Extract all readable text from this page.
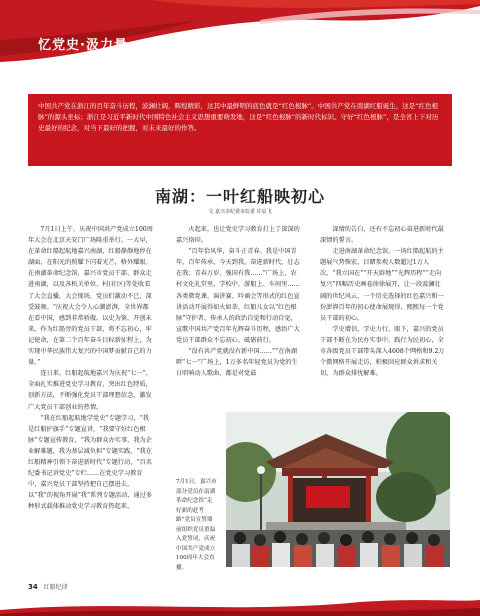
忆党史·汲力量
中国共产党在浙江的百年奋斗历程，波澜壮阔，辉煌精彩，这其中最鲜明的底色就是“红色根脉”。中国共产党在南湖红船诞生，这是“红色根脉”的源头坐标；浙江是习近平新时代中国特色社会主义思想重要萌发地，这是“红色根脉”的新时代标识。守好“红色根脉”，是全省上下对历史最好的纪念，对当下最好的把握，对未来最好的作答。
南湖：一叶红船映初心
文 嘉兴市纪委市监委 许辰飞

7月1日上午，庆祝中国共产党成立100周年大会在北京天安门广场隆重举行。一大早，在革命红船起航地嘉兴南湖，红船静静地停在湖面，在阳光的照耀下闪着光芒，格外耀眼。在南湖革命纪念馆，嘉兴市党员干部、群众走进南湖，以及各机关单位、村(社区)等处收看了大会直播，大会现场，党员们激动不已，深受鼓舞。“庆祝大会令人心潮澎湃，全世界都在看中国，感到非常骄傲。以史为鉴，开创未来，作为红船旁的党员干部，将不忘初心，牢记使命，在第二个百年奋斗目标新征程上，为实现中华民族伟大复兴的中国梦贡献自己的力量。”

连日来，红船起航地嘉兴为庆祝“七一”，全面扎实推进党史学习教育，突出红色特质，创新方法，不断强化党员干部理想信念，激发广大党员干部创业的热情。

“我在红船起航地学党史”专题学习，“我是红船护旗手”专题宣讲，“我要守好红色根脉”专题宣传教育，“我为群众办实事，我为企业解难题，我为基层减负担”专题实践，“我在红船精神引领下奋进新时代”专题行动，“百名纪委书记讲党史”专栏……在党史学习教育中，嘉兴党员干部坚持把自己摆进去，以“我”的视角开展“我”系列专题活动，通过多种形式载体推动党史学习教育热起来、

火起来，也让党史学习教育打上了深深的嘉兴烙印。

“百年恰风华，奋斗正青春。我是中国青年，百年传承，今天到我，奋进新时代，壮志在我；青春万岁，强国有我……”广场上，农村文化礼堂里，学校中，游船上、车间里……各类微党课、演讲赛、吟诵会等形式的红色宣讲活动开展得如火如荼，红船儿女以“红色根脉”守护者、传承人的政治自觉和行动自觉，宣歌中国共产党百年光辉奋斗历程，感悟广大党员干部群众不忘初心、砥砺前行。

“没有共产党就没有新中国……”“在南湖畔”七一”广场上，1万多名年轻党员为党的生日唱响动人歌曲，都是对党最

深情的告白，还有不忘初心奋进新时代最深情的誓言。

走进南湖革命纪念馆，一场红船起航的主题展气势恢宏，目睹参观人数超过1万人次，“我立国在”“开天辟地”“光辉历程”“走向复兴”四幅历史画卷徐徐展开，让一段波澜壮阔的世纪风云，一个历史选择的红色嘉兴和一份澎湃百年的初心使命展现得，熙熙每一个党员干部的初心。

学史增信，学史力行，眼下，嘉兴的党员干部不断在为民办实事中，践行为民初心，全市各级党员干部带头深入4608个网格和9.2万个微网格开展走访，积极回应群众诉求和关切，为群众排忧解难。

7月1日，嘉兴市部分党员在南湖革命纪念馆“走好新的赶考路”党员宣誓墙前组织党员重温入党誓词，庆祝中国共产党成立100周年大会直播。
34 红船纪律
